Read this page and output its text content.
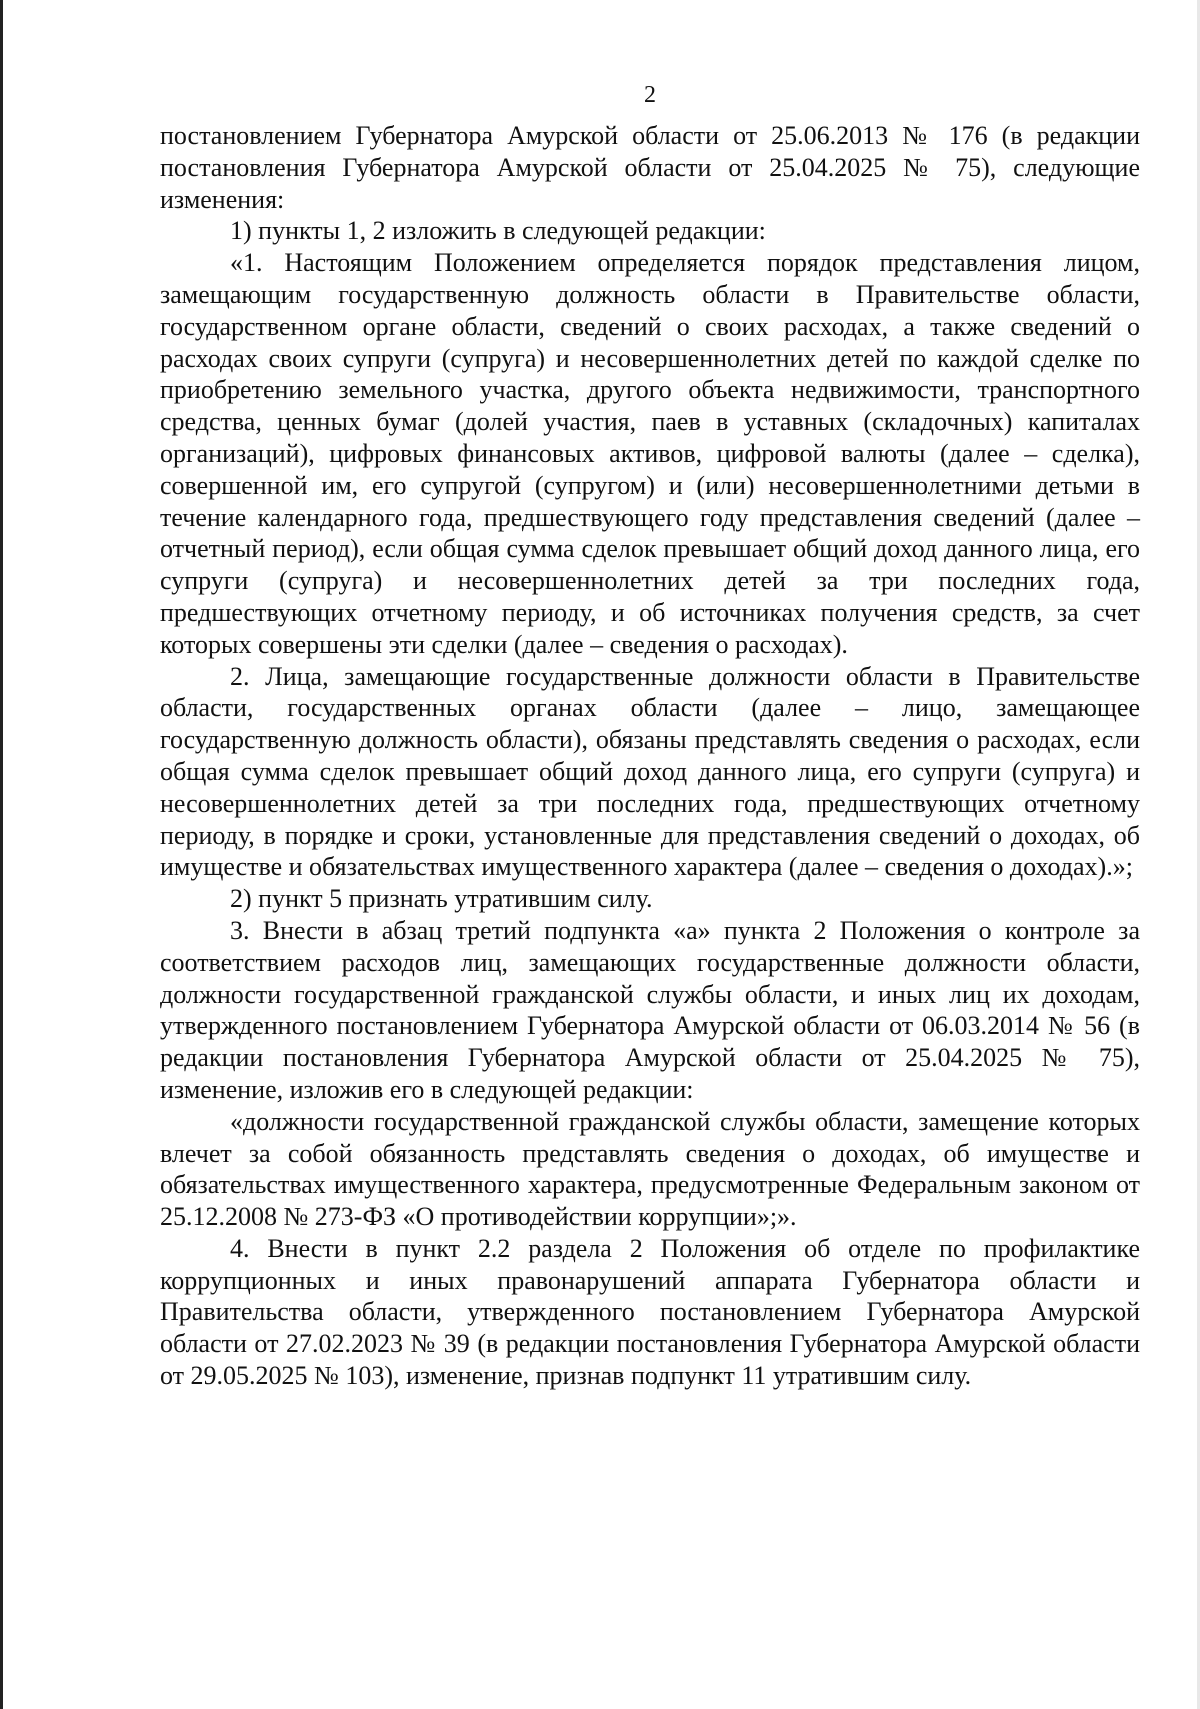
2

постановлением Губернатора Амурской области от 25.06.2013 № 176 (в редакции постановления Губернатора Амурской области от 25.04.2025 № 75), следующие изменения:

1) пункты 1, 2 изложить в следующей редакции:

«1. Настоящим Положением определяется порядок представления лицом, замещающим государственную должность области в Правительстве области, государственном органе области, сведений о своих расходах, а также сведений о расходах своих супруги (супруга) и несовершеннолетних детей по каждой сделке по приобретению земельного участка, другого объекта недвижимости, транспортного средства, ценных бумаг (долей участия, паев в уставных (складочных) капиталах организаций), цифровых финансовых активов, цифровой валюты (далее – сделка), совершенной им, его супругой (супругом) и (или) несовершеннолетними детьми в течение календарного года, предшествующего году представления сведений (далее – отчетный период), если общая сумма сделок превышает общий доход данного лица, его супруги (супруга) и несовершеннолетних детей за три последних года, предшествующих отчетному периоду, и об источниках получения средств, за счет которых совершены эти сделки (далее – сведения о расходах).

2. Лица, замещающие государственные должности области в Правительстве области, государственных органах области (далее – лицо, замещающее государственную должность области), обязаны представлять сведения о расходах, если общая сумма сделок превышает общий доход данного лица, его супруги (супруга) и несовершеннолетних детей за три последних года, предшествующих отчетному периоду, в порядке и сроки, установленные для представления сведений о доходах, об имуществе и обязательствах имущественного характера (далее – сведения о доходах).»;

2) пункт 5 признать утратившим силу.

3. Внести в абзац третий подпункта «а» пункта 2 Положения о контроле за соответствием расходов лиц, замещающих государственные должности области, должности государственной гражданской службы области, и иных лиц их доходам, утвержденного постановлением Губернатора Амурской области от 06.03.2014 № 56 (в редакции постановления Губернатора Амурской области от 25.04.2025 № 75), изменение, изложив его в следующей редакции:

«должности государственной гражданской службы области, замещение которых влечет за собой обязанность представлять сведения о доходах, об имуществе и обязательствах имущественного характера, предусмотренные Федеральным законом от 25.12.2008 № 273-ФЗ «О противодействии коррупции»;».

4. Внести в пункт 2.2 раздела 2 Положения об отделе по профилактике коррупционных и иных правонарушений аппарата Губернатора области и Правительства области, утвержденного постановлением Губернатора Амурской области от 27.02.2023 № 39 (в редакции постановления Губернатора Амурской области от 29.05.2025 № 103), изменение, признав подпункт 11 утратившим силу.
